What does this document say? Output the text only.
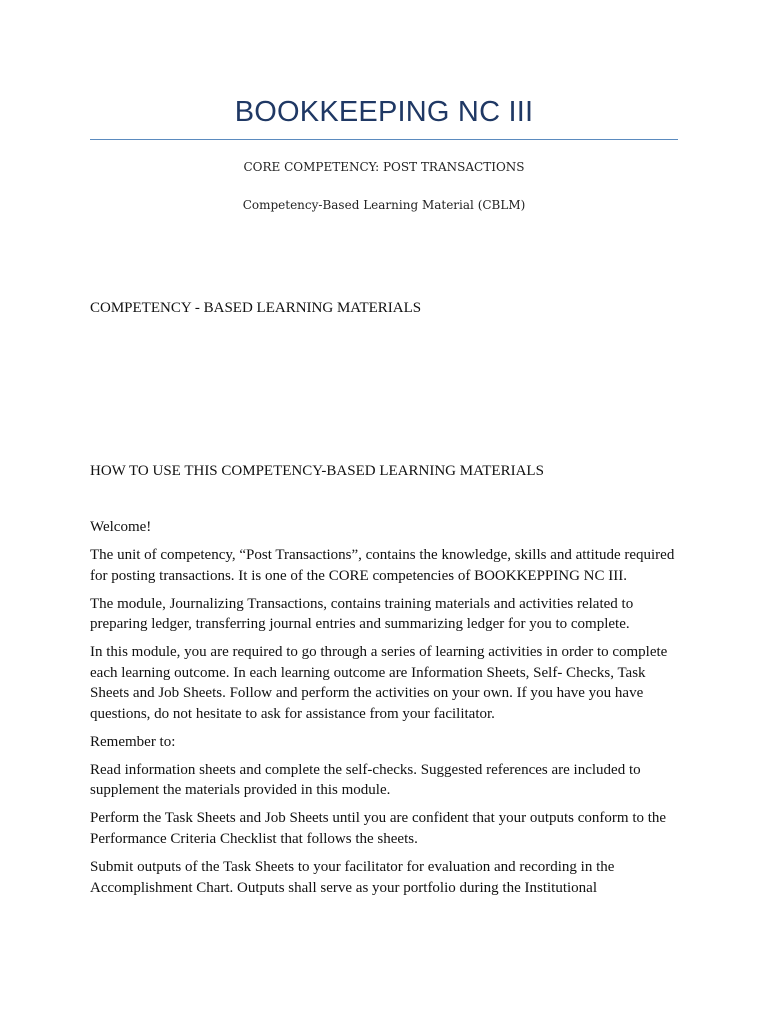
BOOKKEEPING NC III
CORE COMPETENCY: POST TRANSACTIONS
Competency-Based Learning Material (CBLM)
COMPETENCY - BASED LEARNING MATERIALS
HOW TO USE THIS COMPETENCY-BASED LEARNING MATERIALS

Welcome!

The unit of competency, “Post Transactions”, contains the knowledge, skills and attitude required for posting transactions. It is one of the CORE competencies of BOOKKEPPING NC III.

The module, Journalizing Transactions, contains training materials and activities related to preparing ledger, transferring journal entries and summarizing ledger for you to complete.

In this module, you are required to go through a series of learning activities in order to complete each learning outcome. In each learning outcome are Information Sheets, Self- Checks, Task Sheets and Job Sheets. Follow and perform the activities on your own. If you have you have questions, do not hesitate to ask for assistance from your facilitator.

Remember to:

Read information sheets and complete the self-checks. Suggested references are included to supplement the materials provided in this module.

Perform the Task Sheets and Job Sheets until you are confident that your outputs conform to the Performance Criteria Checklist that follows the sheets.

Submit outputs of the Task Sheets to your facilitator for evaluation and recording in the Accomplishment Chart. Outputs shall serve as your portfolio during the Institutional
